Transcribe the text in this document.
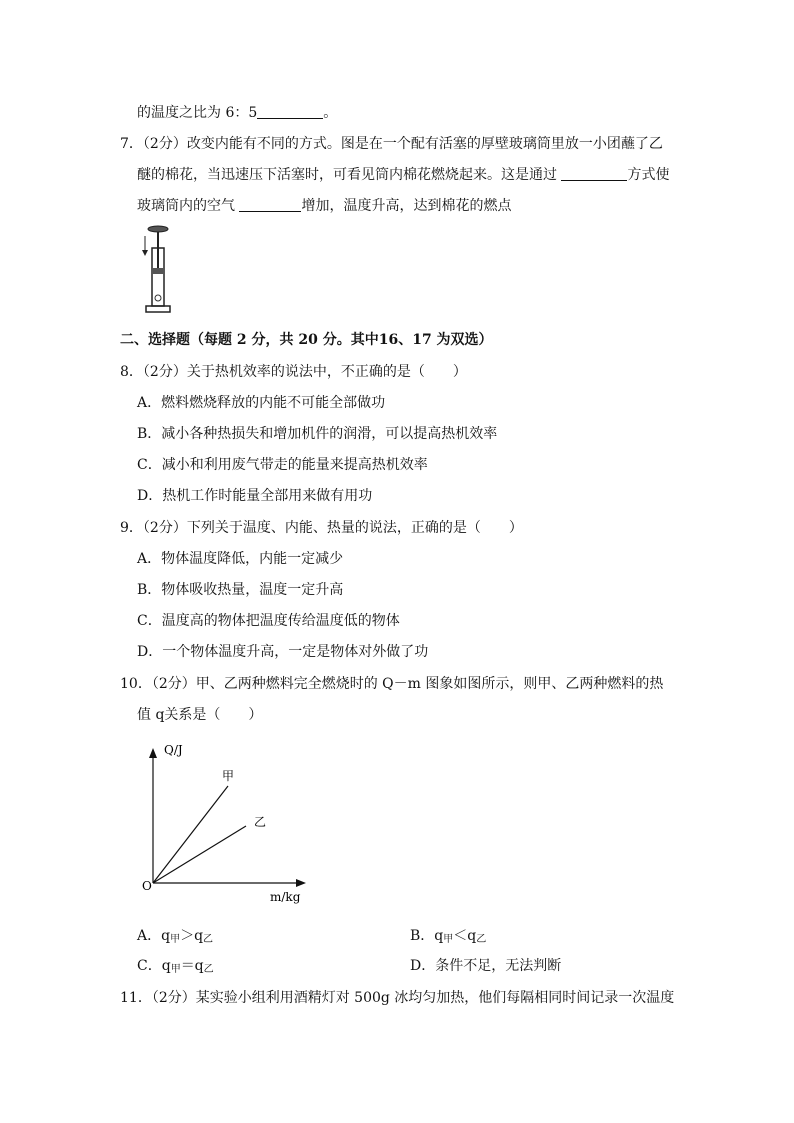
的温度之比为 6：5	。
7．（2分）改变内能有不同的方式。图是在一个配有活塞的厚壁玻璃筒里放一小团蘸了乙
醚的棉花，当迅速压下活塞时，可看见筒内棉花燃烧起来。这是通过	方式使
玻璃筒内的空气	增加，温度升高，达到棉花的燃点
二、选择题（每题 2 分，共 20 分。其中16、17 为双选）
8．（2分）关于热机效率的说法中，不正确的是（　　）
A．燃料燃烧释放的内能不可能全部做功
B．减小各种热损失和增加机件的润滑，可以提高热机效率
C．减小和利用废气带走的能量来提高热机效率
D．热机工作时能量全部用来做有用功
9．（2分）下列关于温度、内能、热量的说法，正确的是（　　）
A．物体温度降低，内能一定减少
B．物体吸收热量，温度一定升高
C．温度高的物体把温度传给温度低的物体
D．一个物体温度升高，一定是物体对外做了功
10．（2分）甲、乙两种燃料完全燃烧时的 Q－m 图象如图所示，则甲、乙两种燃料的热
值 q关系是（　　）
Q/J
m/kg
O
甲
乙
A．$q_甲>q_乙$	B．$q_甲<q_乙$
C．$q_甲=q_乙$	D．条件不足，无法判断
11．（2分）某实验小组利用酒精灯对 500g 冰均匀加热，他们每隔相同时间记录一次温度
